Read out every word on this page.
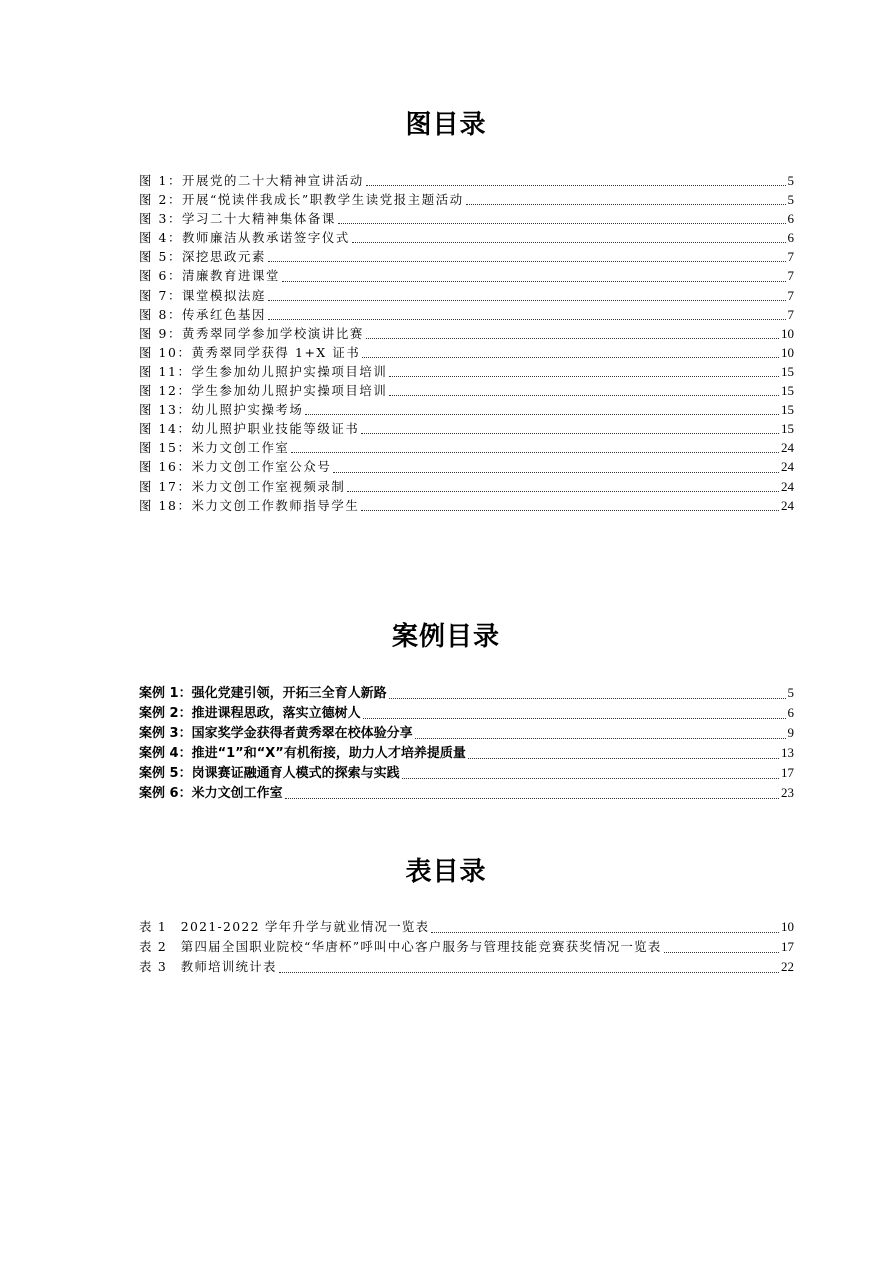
图目录
图 1：开展党的二十大精神宣讲活动	5
图 2：开展“悦读伴我成长”职教学生读党报主题活动	5
图 3：学习二十大精神集体备课	6
图 4：教师廉洁从教承诺签字仪式	6
图 5：深挖思政元素	7
图 6：清廉教育进课堂	7
图 7：课堂模拟法庭	7
图 8：传承红色基因	7
图 9：黄秀翠同学参加学校演讲比赛	10
图 10：黄秀翠同学获得 1+X 证书	10
图 11：学生参加幼儿照护实操项目培训	15
图 12：学生参加幼儿照护实操项目培训	15
图 13：幼儿照护实操考场	15
图 14：幼儿照护职业技能等级证书	15
图 15：米力文创工作室	24
图 16：米力文创工作室公众号	24
图 17：米力文创工作室视频录制	24
图 18：米力文创工作教师指导学生	24
案例目录
案例 1：强化党建引领，开拓三全育人新路	5
案例 2：推进课程思政，落实立德树人	6
案例 3：国家奖学金获得者黄秀翠在校体验分享	9
案例 4：推进“1”和“X”有机衔接，助力人才培养提质量	13
案例 5：岗课赛证融通育人模式的探索与实践	17
案例 6：米力文创工作室	23
表目录
表 1　2021-2022 学年升学与就业情况一览表	10
表 2　第四届全国职业院校“华唐杯”呼叫中心客户服务与管理技能竞赛获奖情况一览表	17
表 3　教师培训统计表	22
